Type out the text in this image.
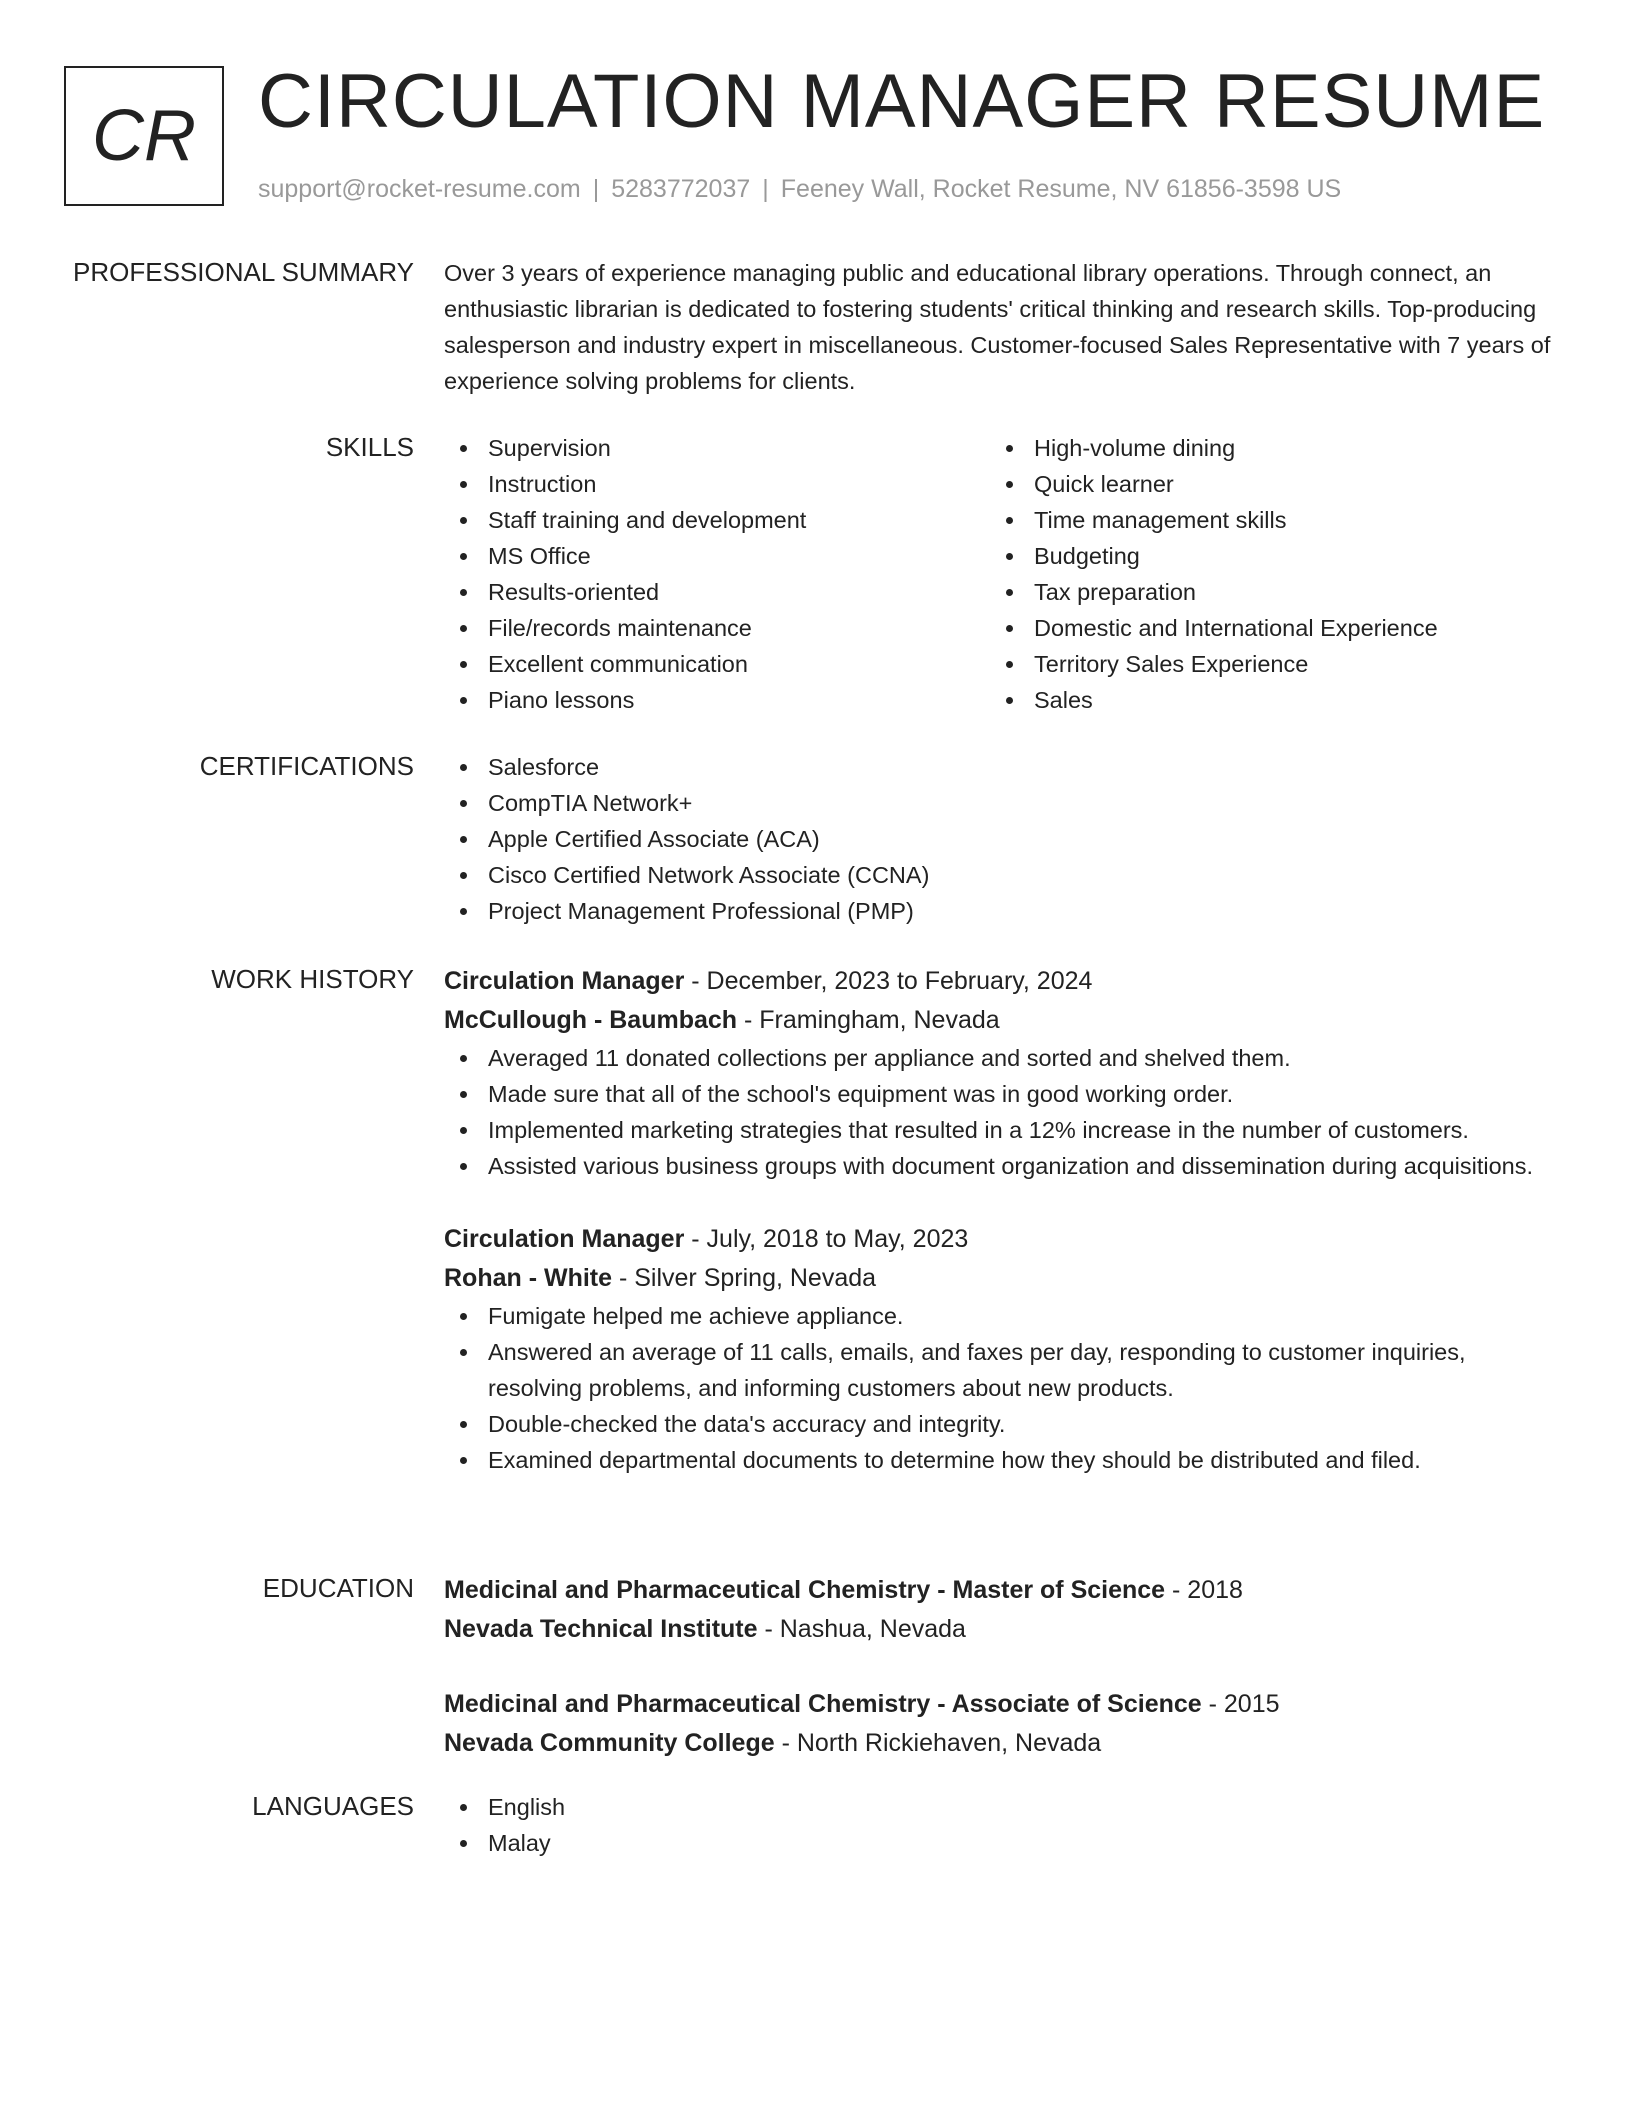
CR CIRCULATION MANAGER RESUME
support@rocket-resume.com | 5283772037 | Feeney Wall, Rocket Resume, NV 61856-3598 US
PROFESSIONAL SUMMARY Over 3 years of experience managing public and educational library operations. Through connect, an enthusiastic librarian is dedicated to fostering students' critical thinking and research skills. Top-producing salesperson and industry expert in miscellaneous. Customer-focused Sales Representative with 7 years of experience solving problems for clients.

SKILLS	Supervision
Instruction
Staff training and development
MS Office
Results-oriented
File/records maintenance
Excellent communication
Piano lessons
High-volume dining
Quick learner
Time management skills
Budgeting
Tax preparation
Domestic and International Experience
Territory Sales Experience
Sales
CERTIFICATIONS	Salesforce
CompTIA Network+
Apple Certified Associate (ACA)
Cisco Certified Network Associate (CCNA)
Project Management Professional (PMP)
WORK HISTORY Circulation Manager - December, 2023 to February, 2024
McCullough - Baumbach - Framingham, Nevada
Averaged 11 donated collections per appliance and sorted and shelved them.
Made sure that all of the school's equipment was in good working order.
Implemented marketing strategies that resulted in a 12% increase in the number of customers.
Assisted various business groups with document organization and dissemination during acquisitions.
Circulation Manager - July, 2018 to May, 2023
Rohan - White - Silver Spring, Nevada
Fumigate helped me achieve appliance.
Answered an average of 11 calls, emails, and faxes per day, responding to customer inquiries, resolving problems, and informing customers about new products.
Double-checked the data's accuracy and integrity.
Examined departmental documents to determine how they should be distributed and filed.
EDUCATION Medicinal and Pharmaceutical Chemistry - Master of Science - 2018
Nevada Technical Institute - Nashua, Nevada
Medicinal and Pharmaceutical Chemistry - Associate of Science - 2015
Nevada Community College - North Rickiehaven, Nevada
LANGUAGES	English
Malay
